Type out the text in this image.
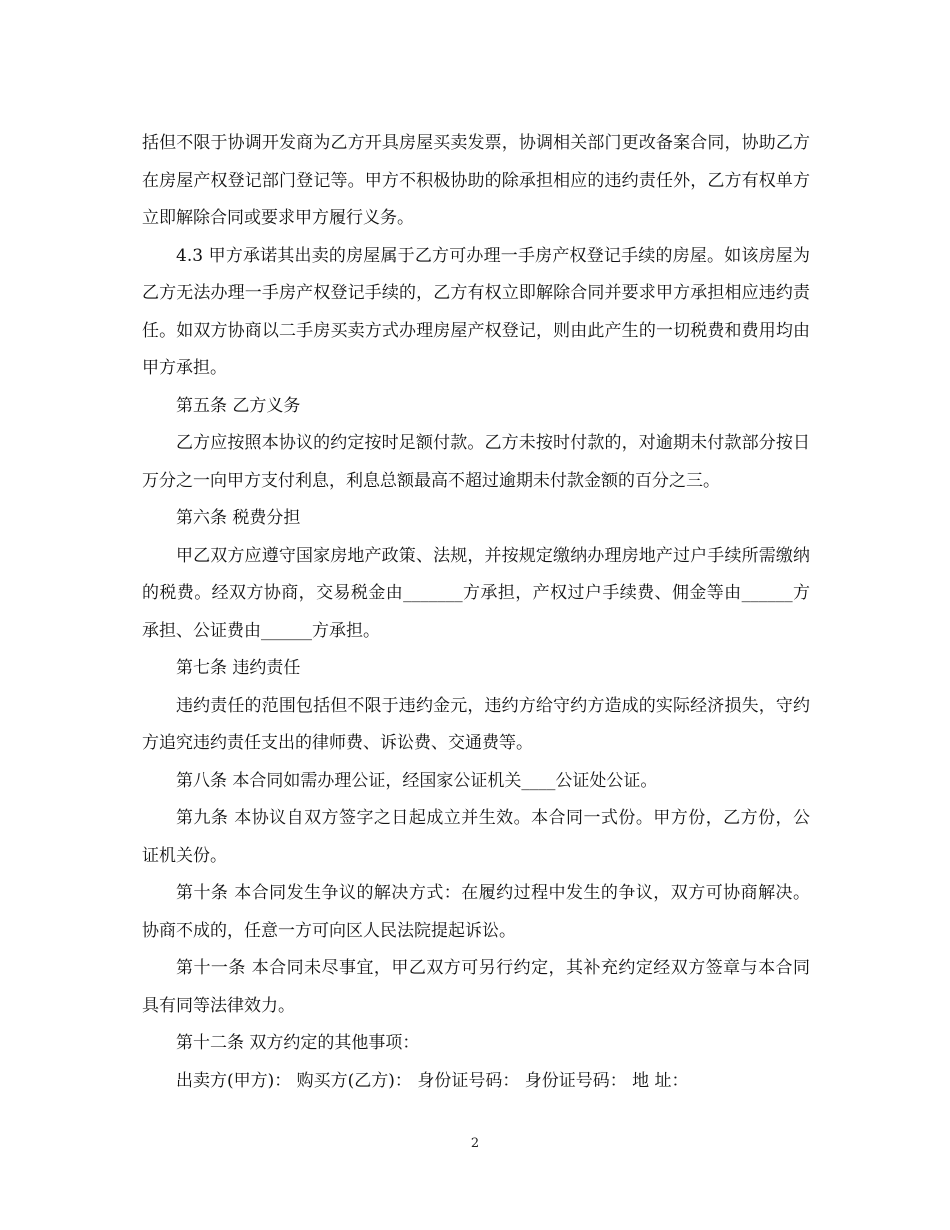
括但不限于协调开发商为乙方开具房屋买卖发票，协调相关部门更改备案合同，协助乙方在房屋产权登记部门登记等。甲方不积极协助的除承担相应的违约责任外，乙方有权单方立即解除合同或要求甲方履行义务。

4.3 甲方承诺其出卖的房屋属于乙方可办理一手房产权登记手续的房屋。如该房屋为乙方无法办理一手房产权登记手续的，乙方有权立即解除合同并要求甲方承担相应违约责任。如双方协商以二手房买卖方式办理房屋产权登记，则由此产生的一切税费和费用均由甲方承担。

第五条 乙方义务

乙方应按照本协议的约定按时足额付款。乙方未按时付款的，对逾期未付款部分按日万分之一向甲方支付利息，利息总额最高不超过逾期未付款金额的百分之三。

第六条 税费分担

甲乙双方应遵守国家房地产政策、法规，并按规定缴纳办理房地产过户手续所需缴纳的税费。经双方协商，交易税金由_______方承担，产权过户手续费、佣金等由______方承担、公证费由______方承担。

第七条 违约责任

违约责任的范围包括但不限于违约金元，违约方给守约方造成的实际经济损失，守约方追究违约责任支出的律师费、诉讼费、交通费等。

第八条 本合同如需办理公证，经国家公证机关____公证处公证。

第九条 本协议自双方签字之日起成立并生效。本合同一式份。甲方份，乙方份，公证机关份。

第十条 本合同发生争议的解决方式：在履约过程中发生的争议，双方可协商解决。协商不成的，任意一方可向区人民法院提起诉讼。

第十一条 本合同未尽事宜，甲乙双方可另行约定，其补充约定经双方签章与本合同具有同等法律效力。

第十二条 双方约定的其他事项：

出卖方(甲方)： 购买方(乙方)： 身份证号码： 身份证号码： 地 址：

2
